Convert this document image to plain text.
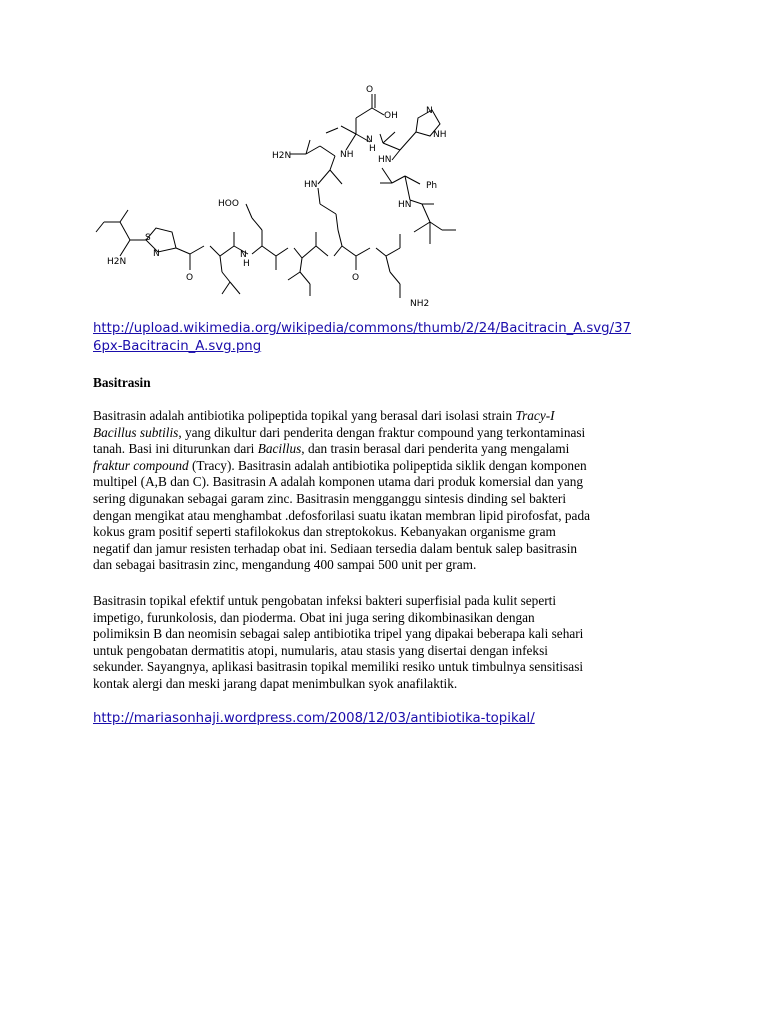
O
OH	N
NH
N
H
H2N	NH	HN
Ph
HN
HN
HOO
S
N
H2N
N
H
O	O
NH2
http://upload.wikimedia.org/wikipedia/commons/thumb/2/24/Bacitracin_A.svg/37
6px-Bacitracin_A.svg.png
Basitrasin
Basitrasin adalah antibiotika polipeptida topikal yang berasal dari isolasi strain Tracy-I
Bacillus subtilis, yang dikultur dari penderita dengan fraktur compound yang terkontaminasi
tanah. Basi ini diturunkan dari Bacillus, dan trasin berasal dari penderita yang mengalami
fraktur compound (Tracy). Basitrasin adalah antibiotika polipeptida siklik dengan komponen
multipel (A,B dan C). Basitrasin A adalah komponen utama dari produk komersial dan yang
sering digunakan sebagai garam zinc. Basitrasin mengganggu sintesis dinding sel bakteri
dengan mengikat atau menghambat .defosforilasi suatu ikatan membran lipid pirofosfat, pada
kokus gram positif seperti stafilokokus dan streptokokus. Kebanyakan organisme gram
negatif dan jamur resisten terhadap obat ini. Sediaan tersedia dalam bentuk salep basitrasin
dan sebagai basitrasin zinc, mengandung 400 sampai 500 unit per gram.
Basitrasin topikal efektif untuk pengobatan infeksi bakteri superfisial pada kulit seperti
impetigo, furunkolosis, dan pioderma. Obat ini juga sering dikombinasikan dengan
polimiksin B dan neomisin sebagai salep antibiotika tripel yang dipakai beberapa kali sehari
untuk pengobatan dermatitis atopi, numularis, atau stasis yang disertai dengan infeksi
sekunder. Sayangnya, aplikasi basitrasin topikal memiliki resiko untuk timbulnya sensitisasi
kontak alergi dan meski jarang dapat menimbulkan syok anafilaktik.
http://mariasonhaji.wordpress.com/2008/12/03/antibiotika-topikal/
